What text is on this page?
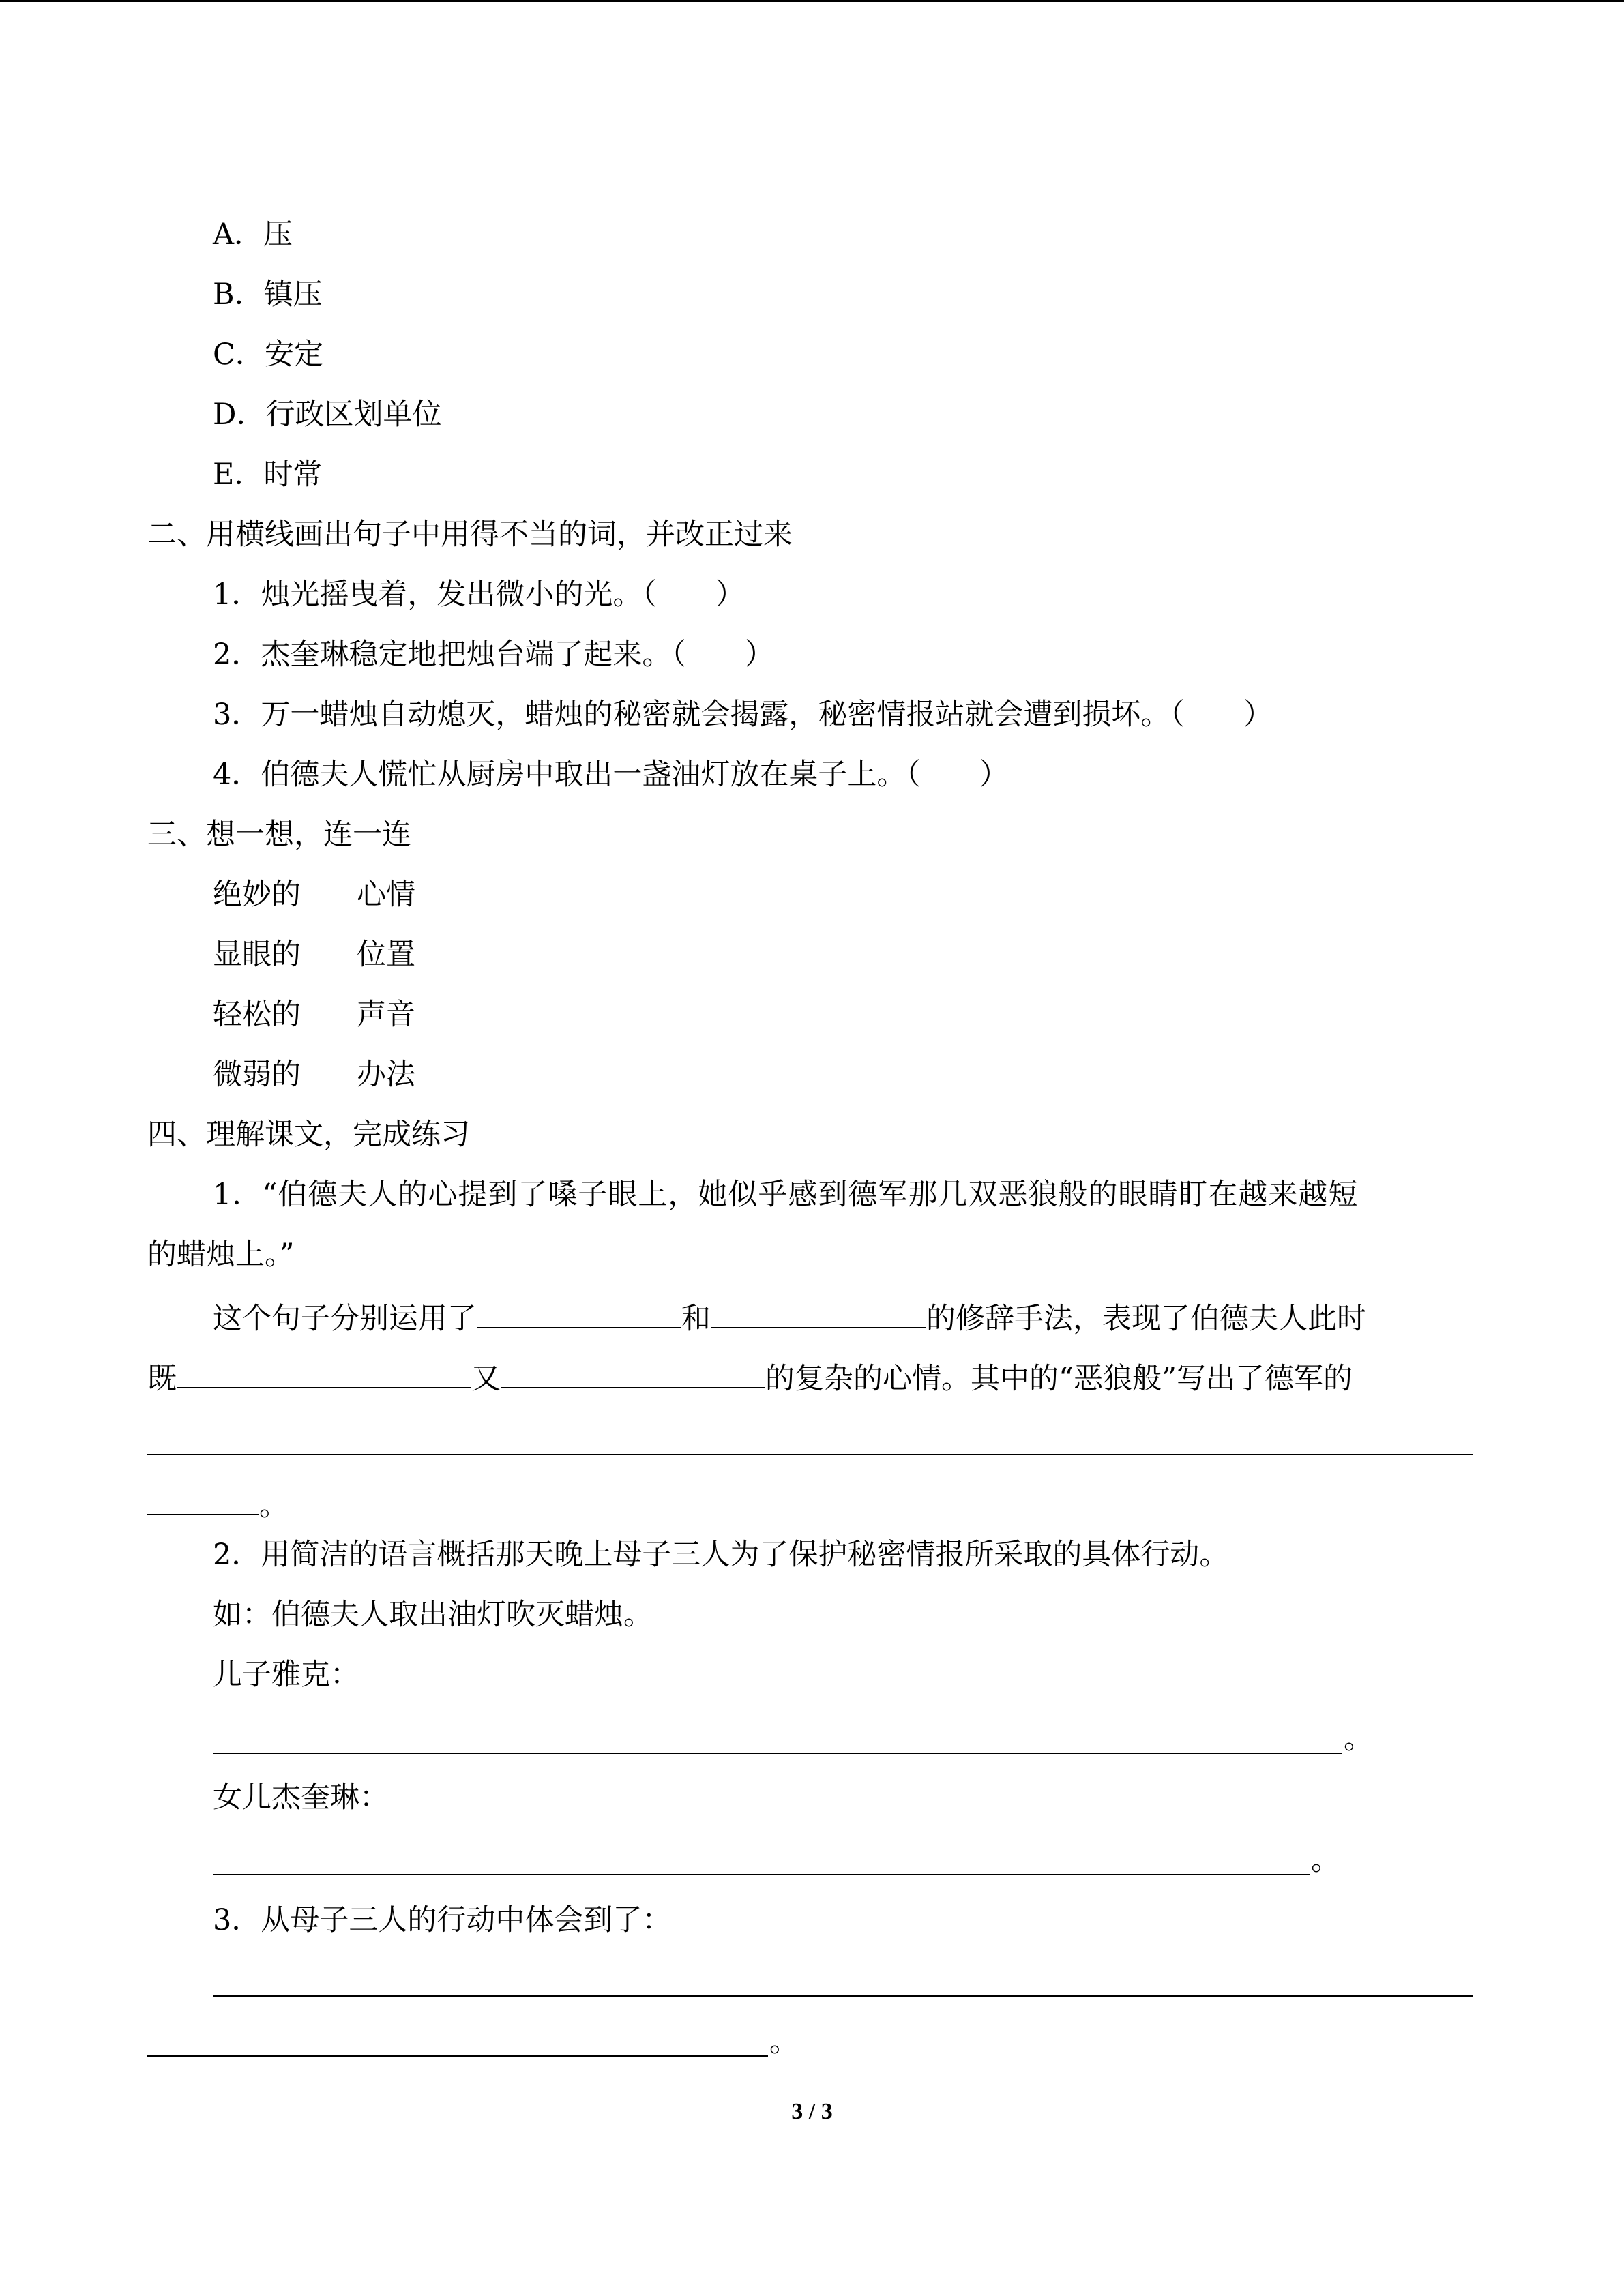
A．压
B．镇压
C．安定
D．行政区划单位
E．时常
二、用横线画出句子中用得不当的词，并改正过来
1．烛光摇曳着，发出微小的光。（　　）
2．杰奎琳稳定地把烛台端了起来。（　　）
3．万一蜡烛自动熄灭，蜡烛的秘密就会揭露，秘密情报站就会遭到损坏。（　　）
4．伯德夫人慌忙从厨房中取出一盏油灯放在桌子上。（　　）
三、想一想，连一连
绝妙的 心情
显眼的 位置
轻松的 声音
微弱的 办法
四、理解课文，完成练习
1．“伯德夫人的心提到了嗓子眼上，她似乎感到德军那几双恶狼般的眼睛盯在越来越短
的蜡烛上。”
这个句子分别运用了	和	的修辞手法，表现了伯德夫人此时
既	又	的复杂的心情。其中的“恶狼般”写出了德军的
。
2．用简洁的语言概括那天晚上母子三人为了保护秘密情报所采取的具体行动。
如：伯德夫人取出油灯吹灭蜡烛。
儿子雅克：
。
女儿杰奎琳：
。
3．从母子三人的行动中体会到了：
。
3 / 3
